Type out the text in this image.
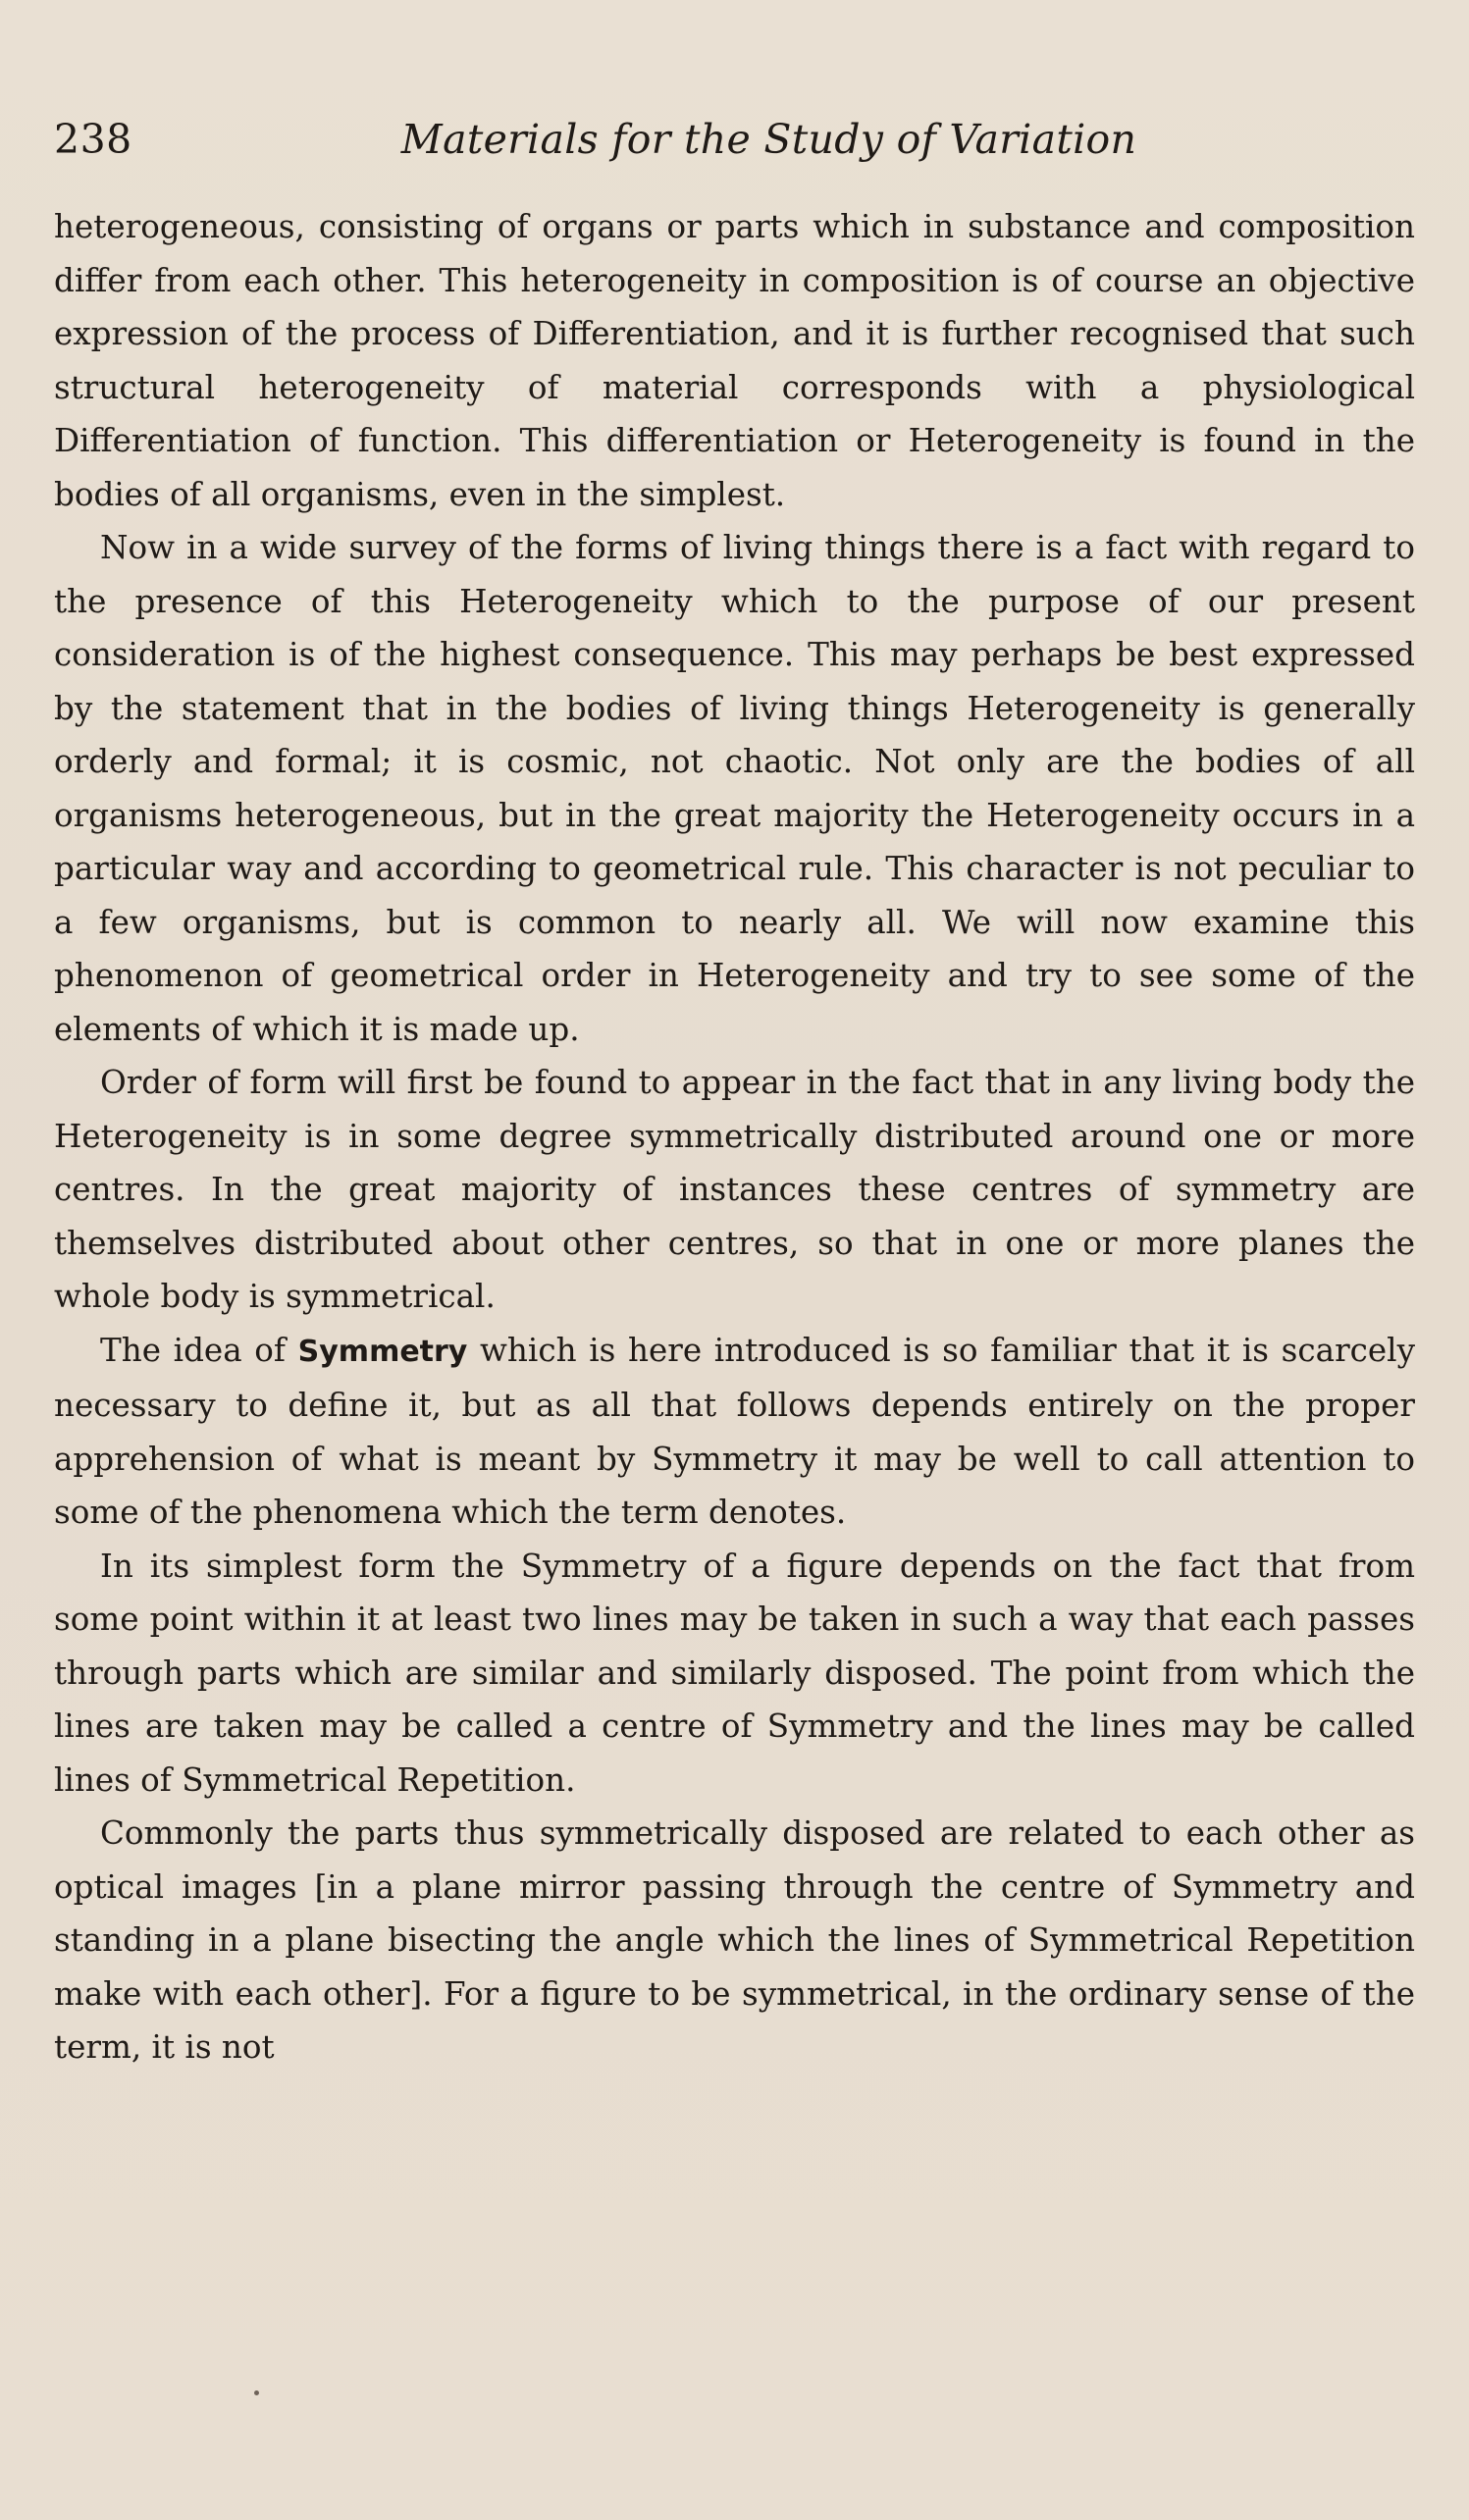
238	Materials for the Study of Variation

heterogeneous, consisting of organs or parts which in substance and composition differ from each other. This heterogeneity in composition is of course an objective expression of the process of Differentiation, and it is further recognised that such structural heterogeneity of material corresponds with a physiological Differentiation of function. This differentiation or Heterogeneity is found in the bodies of all organisms, even in the simplest.

Now in a wide survey of the forms of living things there is a fact with regard to the presence of this Heterogeneity which to the purpose of our present consideration is of the highest consequence. This may perhaps be best expressed by the statement that in the bodies of living things Heterogeneity is generally orderly and formal; it is cosmic, not chaotic. Not only are the bodies of all organisms heterogeneous, but in the great majority the Heterogeneity occurs in a particular way and according to geometrical rule. This character is not peculiar to a few organisms, but is common to nearly all. We will now examine this phenomenon of geometrical order in Heterogeneity and try to see some of the elements of which it is made up.

Order of form will first be found to appear in the fact that in any living body the Heterogeneity is in some degree symmetrically distributed around one or more centres. In the great majority of instances these centres of symmetry are themselves distributed about other centres, so that in one or more planes the whole body is symmetrical.

The idea of Symmetry which is here introduced is so familiar that it is scarcely necessary to define it, but as all that follows depends entirely on the proper apprehension of what is meant by Symmetry it may be well to call attention to some of the phenomena which the term denotes.

In its simplest form the Symmetry of a figure depends on the fact that from some point within it at least two lines may be taken in such a way that each passes through parts which are similar and similarly disposed. The point from which the lines are taken may be called a centre of Symmetry and the lines may be called lines of Symmetrical Repetition.

Commonly the parts thus symmetrically disposed are related to each other as optical images [in a plane mirror passing through the centre of Symmetry and standing in a plane bisecting the angle which the lines of Symmetrical Repetition make with each other]. For a figure to be symmetrical, in the ordinary sense of the term, it is not
